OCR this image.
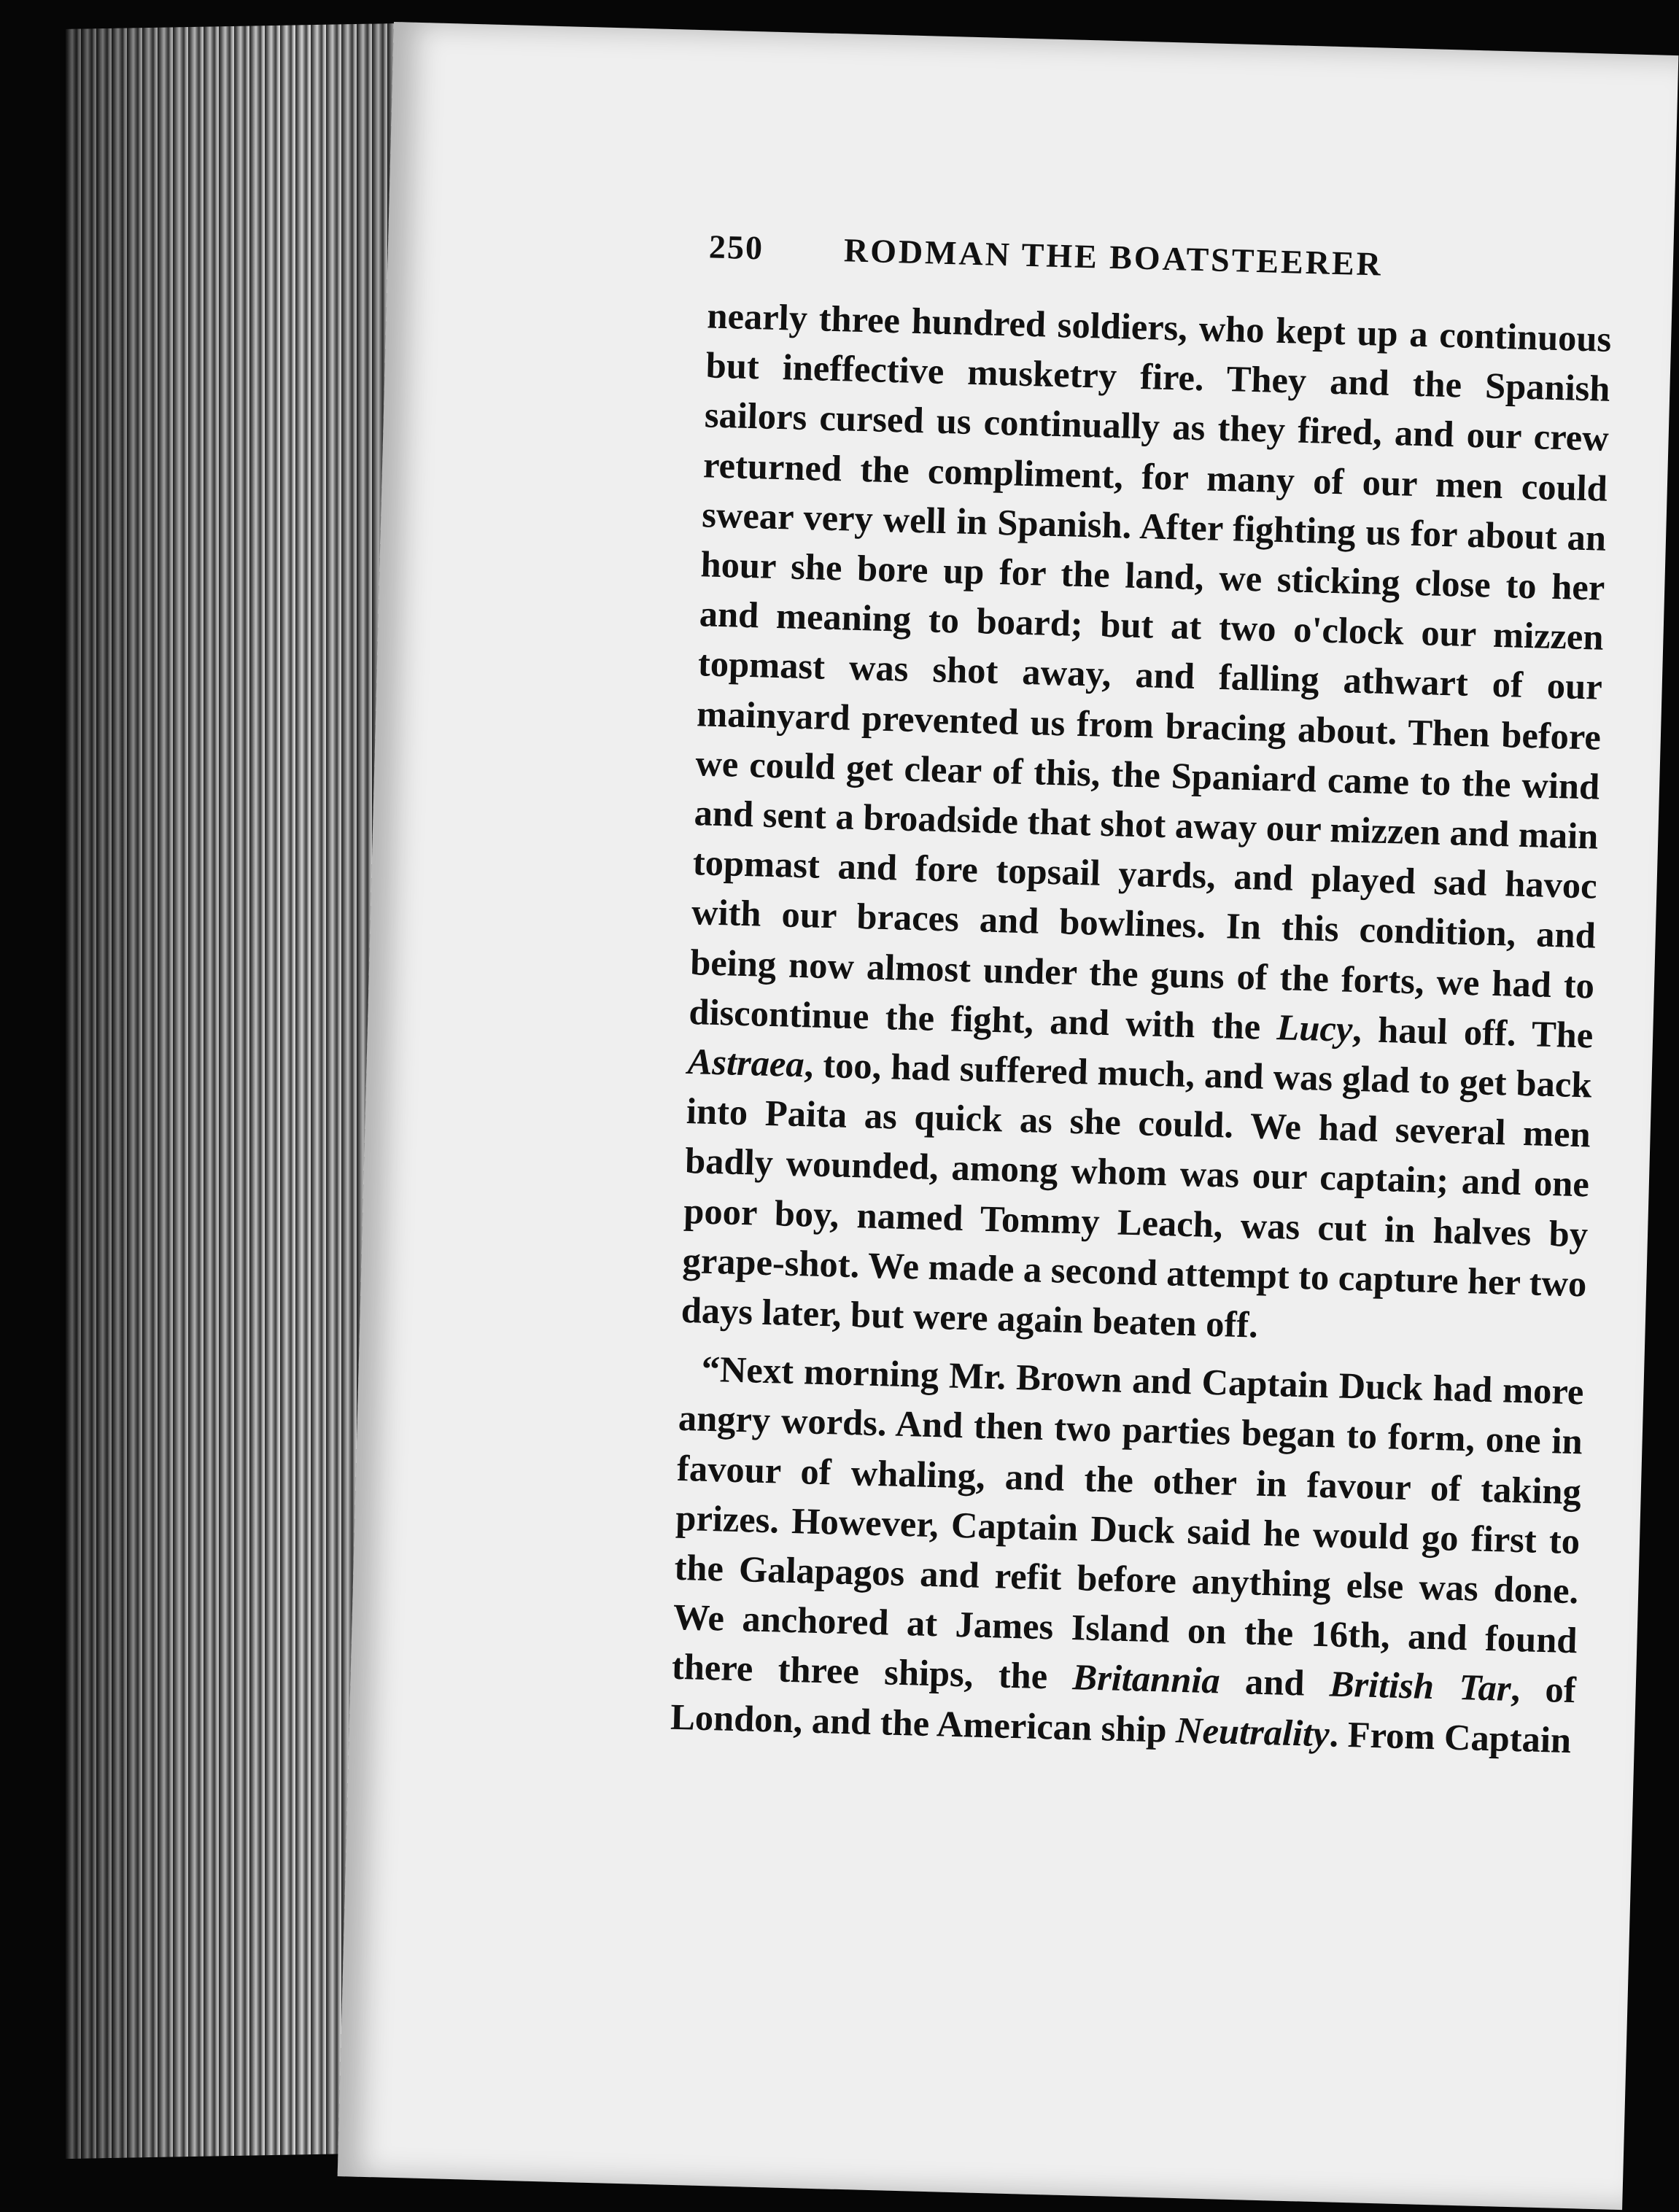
250 RODMAN THE BOATSTEERER

nearly three hundred soldiers, who kept up a continuous but ineffective musketry fire. They and the Spanish sailors cursed us continually as they fired, and our crew returned the compliment, for many of our men could swear very well in Spanish. After fighting us for about an hour she bore up for the land, we sticking close to her and meaning to board; but at two o'clock our mizzen topmast was shot away, and falling athwart of our mainyard prevented us from bracing about. Then before we could get clear of this, the Spaniard came to the wind and sent a broadside that shot away our mizzen and main topmast and fore topsail yards, and played sad havoc with our braces and bowlines. In this condition, and being now almost under the guns of the forts, we had to discontinue the fight, and with the Lucy, haul off. The Astraea, too, had suffered much, and was glad to get back into Paita as quick as she could. We had several men badly wounded, among whom was our captain; and one poor boy, named Tommy Leach, was cut in halves by grape-shot. We made a second attempt to capture her two days later, but were again beaten off.

“Next morning Mr. Brown and Captain Duck had more angry words. And then two parties began to form, one in favour of whaling, and the other in favour of taking prizes. However, Captain Duck said he would go first to the Galapagos and refit before anything else was done. We anchored at James Island on the 16th, and found there three ships, the Britannia and British Tar, of London, and the American ship Neutrality. From Captain
